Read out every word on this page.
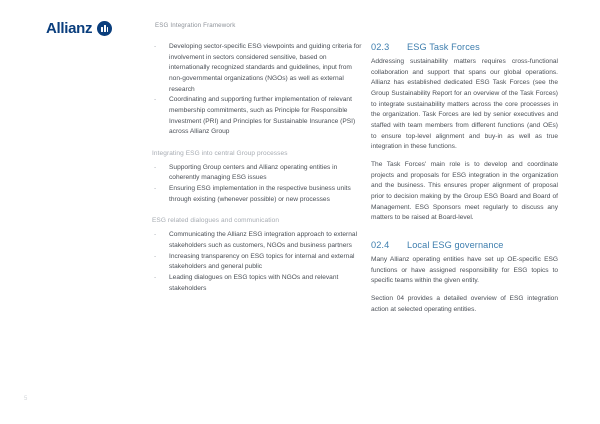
Allianz	ESG Integration Framework
- Developing sector-specific ESG viewpoints and guiding criteria for involvement in sectors considered sensitive, based on internationally recognized standards and guidelines, input from non-governmental organizations (NGOs) as well as external research
- Coordinating and supporting further implementation of relevant membership commitments, such as Principle for Responsible Investment (PRI) and Principles for Sustainable Insurance (PSI) across Allianz Group
Integrating ESG into central Group processes
- Supporting Group centers and Allianz operating entities in coherently managing ESG issues
- Ensuring ESG implementation in the respective business units through existing (whenever possible) or new processes
ESG related dialogues and communication
- Communicating the Allianz ESG integration approach to external stakeholders such as customers, NGOs and business partners
- Increasing transparency on ESG topics for internal and external stakeholders and general public
- Leading dialogues on ESG topics with NGOs and relevant stakeholders
02.3	ESG Task Forces

Addressing sustainability matters requires cross-functional collaboration and support that spans our global operations. Allianz has established dedicated ESG Task Forces (see the Group Sustainability Report for an overview of the Task Forces) to integrate sustainability matters across the core processes in the organization. Task Forces are led by senior executives and staffed with team members from different functions (and OEs) to ensure top-level alignment and buy-in as well as true integration in these functions.

The Task Forces' main role is to develop and coordinate projects and proposals for ESG integration in the organization and the business. This ensures proper alignment of proposal prior to decision making by the Group ESG Board and Board of Management. ESG Sponsors meet regularly to discuss any matters to be raised at Board-level.

02.4	Local ESG governance

Many Allianz operating entities have set up OE-specific ESG functions or have assigned responsibility for ESG topics to specific teams within the given entity.

Section 04 provides a detailed overview of ESG integration action at selected operating entities.

5
